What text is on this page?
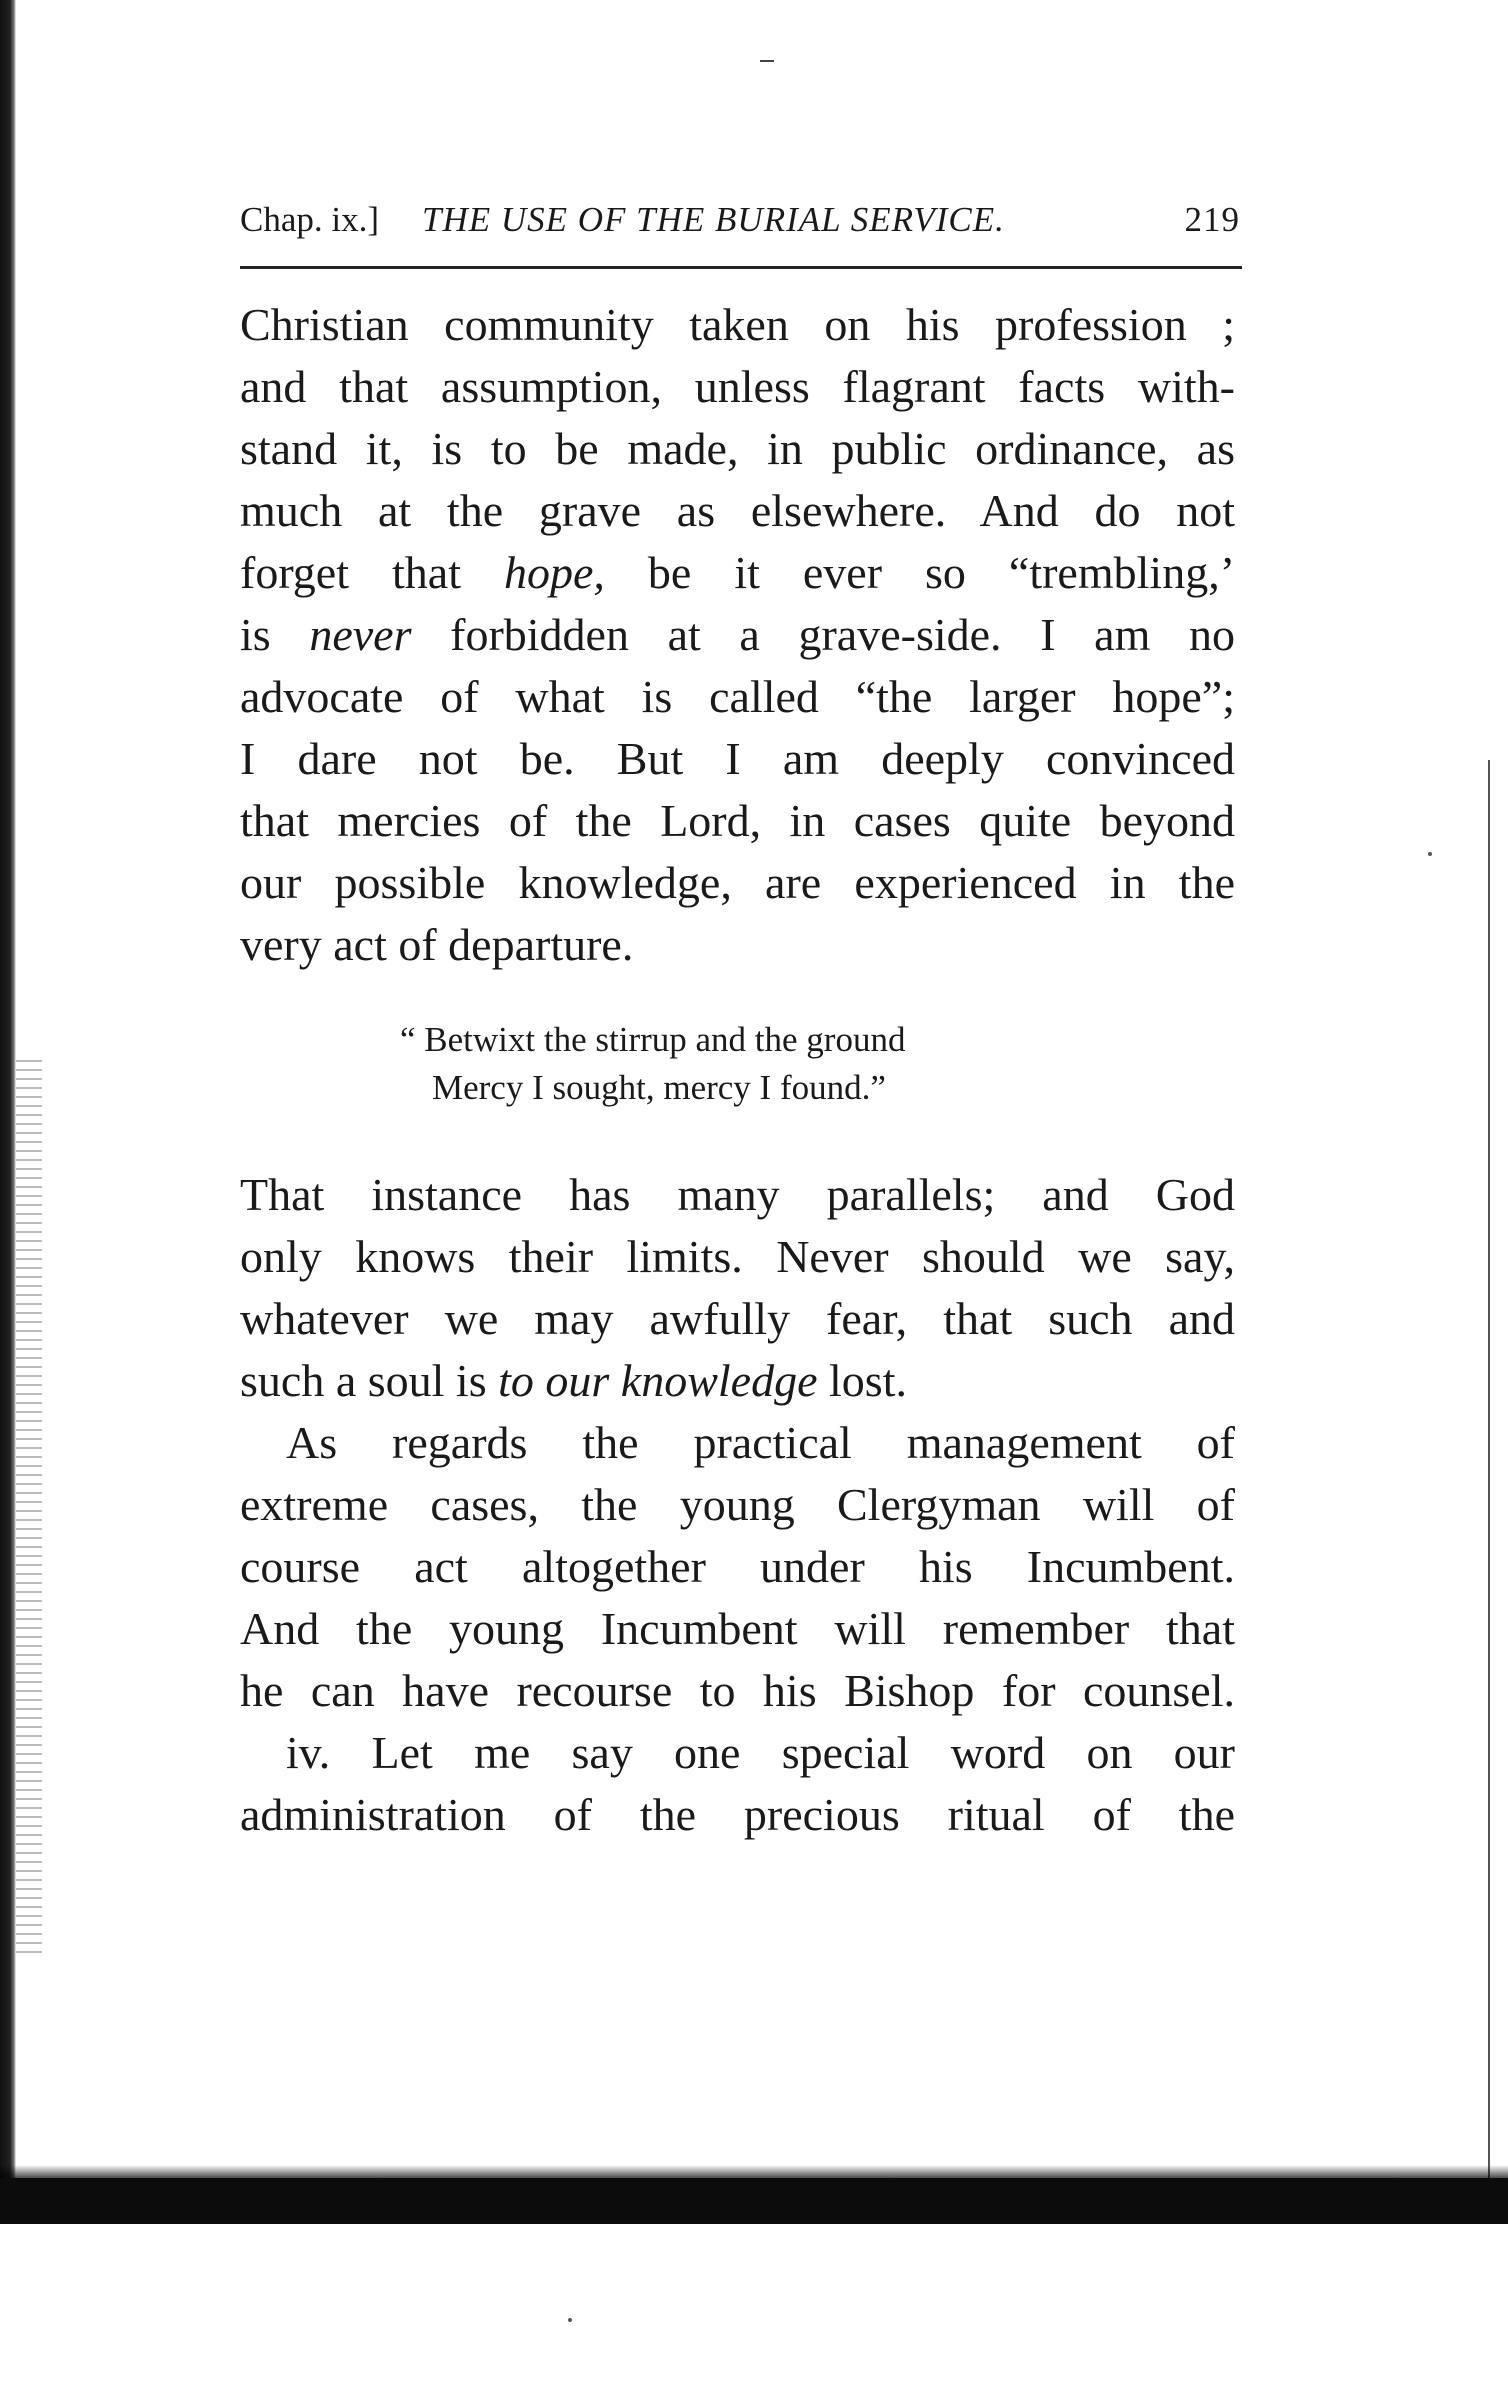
Chap. ix.] THE USE OF THE BURIAL SERVICE.	219
Christian community taken on his profession ;
and that assumption, unless flagrant facts with-
stand it, is to be made, in public ordinance, as
much at the grave as elsewhere. And do not
forget that hope, be it ever so “trembling,’
is never forbidden at a grave-side. I am no
advocate of what is called “the larger hope”;
I dare not be. But I am deeply convinced
that mercies of the Lord, in cases quite beyond
our possible knowledge, are experienced in the
very act of departure.
“ Betwixt the stirrup and the ground
Mercy I sought, mercy I found.”
That instance has many parallels; and God
only knows their limits. Never should we say,
whatever we may awfully fear, that such and
such a soul is to our knowledge lost.
As regards the practical management of
extreme cases, the young Clergyman will of
course act altogether under his Incumbent.
And the young Incumbent will remember that
he can have recourse to his Bishop for counsel.
iv. Let me say one special word on our
administration of the precious ritual of the
